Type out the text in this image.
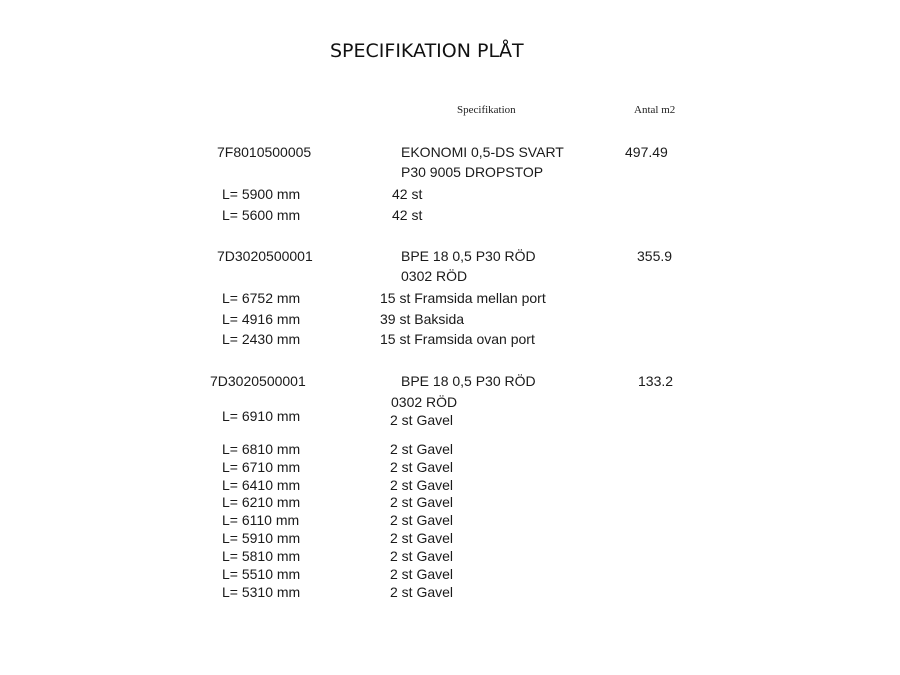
SPECIFIKATION PLÅT
Specifikation	Antal m2
7F8010500005	EKONOMI 0,5-DS SVART	497.49
P30 9005 DROPSTOP
L= 5900 mm	42 st
L= 5600 mm	42 st
7D3020500001	BPE 18 0,5 P30 RÖD	355.9
0302 RÖD
L= 6752 mm	15 st Framsida mellan port
L= 4916 mm	39 st Baksida
L= 2430 mm	15 st Framsida ovan port
7D3020500001	BPE 18 0,5 P30 RÖD	133.2
0302 RÖD
L= 6910 mm	2 st Gavel
L= 6810 mm	2 st Gavel
L= 6710 mm	2 st Gavel
L= 6410 mm	2 st Gavel
L= 6210 mm	2 st Gavel
L= 6110 mm	2 st Gavel
L= 5910 mm	2 st Gavel
L= 5810 mm	2 st Gavel
L= 5510 mm	2 st Gavel
L= 5310 mm	2 st Gavel
